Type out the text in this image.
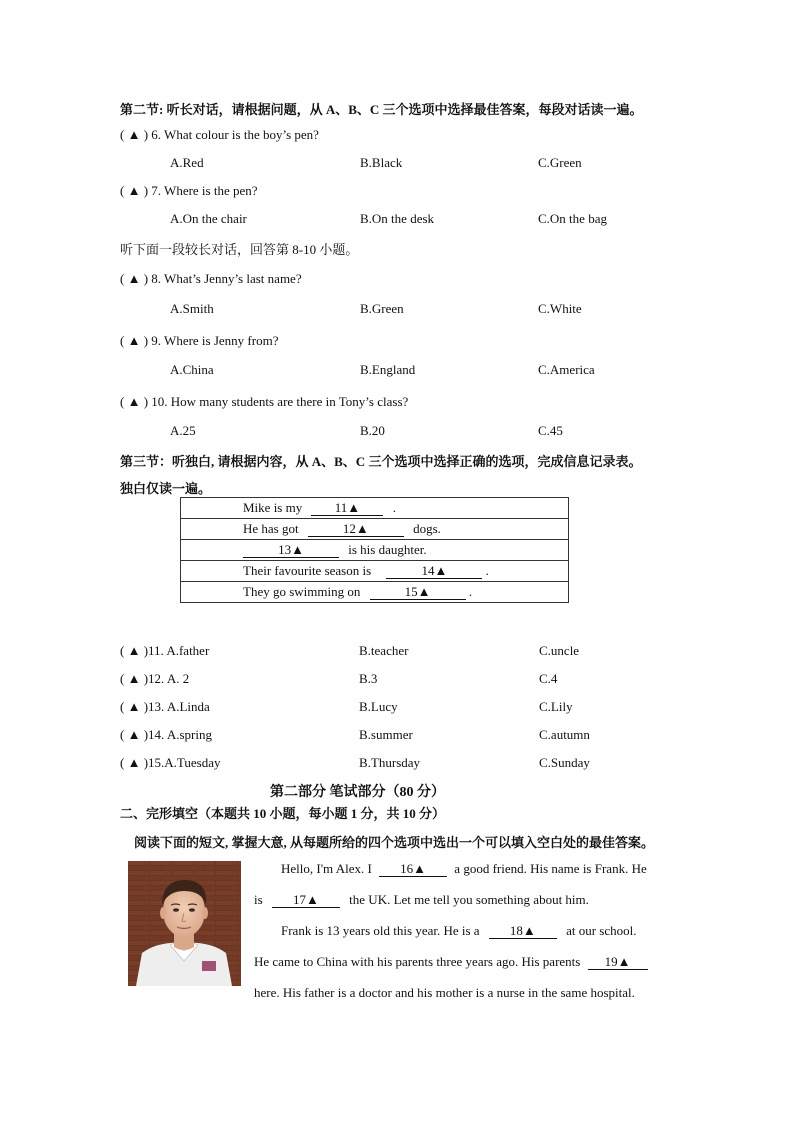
第二节: 听长对话，请根据问题，从 A、B、C 三个选项中选择最佳答案，每段对话读一遍。
( ▲ ) 6. What colour is the boy’s pen?
A.Red	B.Black	C.Green
( ▲ ) 7. Where is the pen?
A.On the chair	B.On the desk	C.On the bag
听下面一段较长对话，回答第 8-10 小题。
( ▲ ) 8. What’s Jenny’s last name?
A.Smith	B.Green	C.White
( ▲ ) 9. Where is Jenny from?
A.China	B.England	C.America
( ▲ ) 10. How many students are there in Tony’s class?
A.25	B.20	C.45
第三节：听独白, 请根据内容，从 A、B、C 三个选项中选择正确的选项，完成信息记录表。
独白仅读一遍。
Mike is my	11▲	.
He has got	12▲	dogs.
13▲	is his daughter.
Their favourite season is	14▲	.
They go swimming on	15▲	.
( ▲ )11. A.father	B.teacher	C.uncle
( ▲ )12. A. 2	B.3	C.4
( ▲ )13. A.Linda	B.Lucy	C.Lily
( ▲ )14. A.spring	B.summer	C.autumn
( ▲ )15.A.Tuesday	B.Thursday	C.Sunday
第二部分 笔试部分（80 分）
二、完形填空（本题共 10 小题，每小题 1 分，共 10 分）
阅读下面的短文, 掌握大意, 从每题所给的四个选项中选出一个可以填入空白处的最佳答案。
Hello, I'm Alex. I 16▲ a good friend. His name is Frank. He
is 17▲ the UK. Let me tell you something about him.
Frank is 13 years old this year. He is a 18▲ at our school.
He came to China with his parents three years ago. His parents 19▲
here. His father is a doctor and his mother is a nurse in the same hospital.
